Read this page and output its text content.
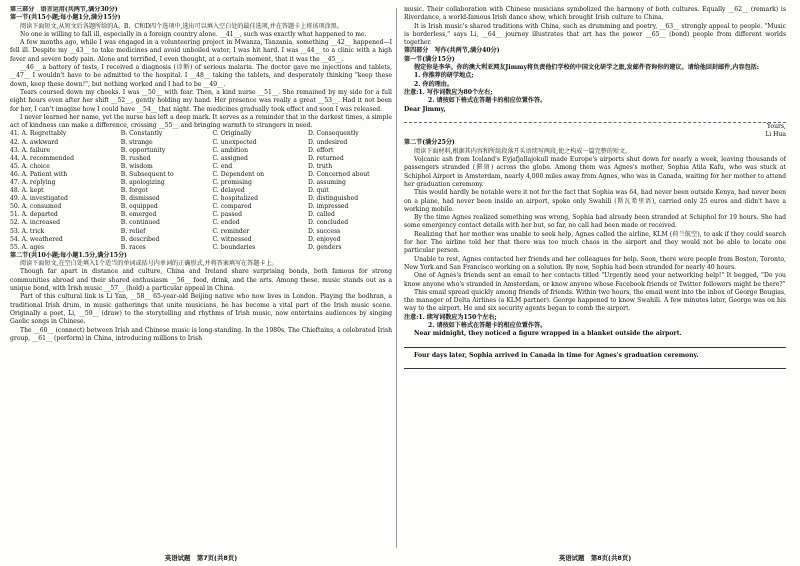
第三部分　语言运用(共两节,满分30分)

第一节(共15小题;每小题1分,满分15分)

阅读下面短文,从短文后各题所给的A、B、C和D四个选项中,选出可以填入空白处的最佳选项,并在答题卡上将该项涂黑。

No one is willing to fall ill, especially in a foreign country alone. __41__, such was exactly what happened to me.

A few months ago, while I was engaged in a volunteering project in Mwanza, Tanzania, something __42__ happened—I fell ill. Despite my __43__ to take medicines and avoid unboiled water, I was hit hard. I was __44__ to a clinic with a high fever and severe body pain. Alone and terrified, I even thought, at a certain moment, that it was the __45__.

__46__ a battery of tests, I received a diagnosis (诊断) of serious malaria. The doctor gave me injections and tablets, __47__ I wouldn't have to be admitted to the hospital. I __48__ taking the tablets, and desperately thinking "keep these down, keep these down!", but nothing worked and I had to be __49__.

Tears coursed down my cheeks. I was __50__ with fear. Then, a kind nurse __51__. She remained by my side for a full eight hours even after her shift __52__, gently holding my hand. Her presence was really a great __53__. Had it not been for her, I can't imagine how I could have __54__ that night. The medicines gradually took effect and soon I was released.

I never learned her name, yet the nurse has left a deep mark. It serves as a reminder that in the darkest times, a simple act of kindness can make a difference, crossing __55__ and bringing warmth to strangers in need.

41. A. Regrettably	B. Constantly	C. Originally	D. Consequently
42. A. awkward	B. strange	C. unexpected	D. undesired
43. A. failure	B. opportunity	C. ambition	D. effort
44. A. recommended	B. rushed	C. assigned	D. returned
45. A. choice	B. wisdom	C. end	D. truth
46. A. Patient with	B. Subsequent to	C. Dependent on	D. Concerned about
47. A. replying	B. apologizing	C. promising	D. assuming
48. A. kept	B. forgot	C. delayed	D. quit
49. A. investigated	B. dismissed	C. hospitalized	D. distinguished
50. A. consumed	B. equipped	C. compared	D. impressed
51. A. departed	B. emerged	C. passed	D. called
52. A. increased	B. continued	C. ended	D. concluded
53. A. trick	B. relief	C. reminder	D. success
54. A. weathered	B. described	C. witnessed	D. enjoyed
55. A. ages	B. races	C. boundaries	D. genders

第二节(共10小题;每小题1.5分,满分15分)

阅读下面短文,在空白处填入1个适当的单词或括号内单词的正确形式,并将答案填写在答题卡上。

Though far apart in distance and culture, China and Ireland share surprising bonds, both famous for strong communities abroad and their shared enthusiasm __56__ food, drink, and the arts. Among these, music stands out as a unique bond, with Irish music __57__ (hold) a particular appeal in China.

Part of this cultural link is Li Yan, __58__ 65-year-old Beijing native who now lives in London. Playing the bodhran, a traditional Irish drum, in music gatherings that unite musicians, he has become a vital part of the Irish music scene. Originally a poet, Li, __59__ (draw) to the storytelling and rhythms of Irish music, now entertains audiences by singing Gaelic songs in Chinese.

The __60__ (connect) between Irish and Chinese music is long-standing. In the 1980s, The Chieftains, a celebrated Irish group, __61__ (perform) in China, introducing millions to Irish

music. Their collaboration with Chinese musicians symbolized the harmony of both cultures. Equally __62__ (remark) is Riverdance, a world-famous Irish dance show, which brought Irish culture to China.

It is Irish music's shared traditions with China, such as drumming and poetry, __63__ strongly appeal to people. "Music is borderless," says Li, __64__ journey illustrates that art has the power __65__ (bond) people from different worlds together.

第四部分　写作(共两节,满分40分)

第一节(满分15分)

假定你是李华。你的澳大利亚网友Jimmy将负责他们学校的中国文化研学之旅,发邮件咨询你的建议。请给他回封邮件,内容包括:

1. 你推荐的研学地点;

2. 你的理由。

注意:1. 写作词数应为80个左右;

2. 请按如下格式在答题卡的相应位置作答。

Dear Jimmy,

Yours,

Li Hua

第二节(满分25分)

阅读下面材料,根据其内容和所给段落开头语续写两段,使之构成一篇完整的短文。

Volcanic ash from Iceland's Eyjafjallajokull made Europe's airports shut down for nearly a week, leaving thousands of passengers stranded (滞留) across the globe. Among them was Agnes's mother, Sophia Atila Kafu, who was stuck at Schiphol Airport in Amsterdam, nearly 4,000 miles away from Agnes, who was in Canada, waiting for her mother to attend her graduation ceremony.

This would hardly be notable were it not for the fact that Sophia was 64, had never been outside Kenya, had never been on a plane, had never been inside an airport, spoke only Swahili (斯瓦希里语), carried only 25 euros and didn't have a working mobile.

By the time Agnes realized something was wrong, Sophia had already been stranded at Schiphol for 19 hours. She had some emergency contact details with her but, so far, no call had been made or received.

Realizing that her mother was unable to seek help, Agnes called the airline, KLM (荷兰航空), to ask if they could search for her. The airline told her that there was too much chaos in the airport and they would not be able to locate one particular person.

Unable to rest, Agnes contacted her friends and her colleagues for help. Soon, there were people from Boston, Toronto, New York and San Francisco working on a solution. By now, Sophia had been stranded for nearly 40 hours.

One of Agnes's friends sent an email to her contacts titled "Urgently need your networking help!" It begged, "Do you know anyone who's stranded in Amsterdam, or know anyone whose Facebook friends or Twitter followers might be there?"

This email spread quickly among friends of friends. Within two hours, the email went into the inbox of George Bougias, the manager of Delta Airlines (a KLM partner). George happened to know Swahili. A few minutes later, George was on his way to the airport. He and six security agents began to comb the airport.

注意:1. 续写词数应为150个左右;

2. 请按如下格式在答题卡的相应位置作答。

Near midnight, they noticed a figure wrapped in a blanket outside the airport.

Four days later, Sophia arrived in Canada in time for Agnes's graduation ceremony.

英语试题　第7页(共8页)	英语试题　第8页(共8页)
